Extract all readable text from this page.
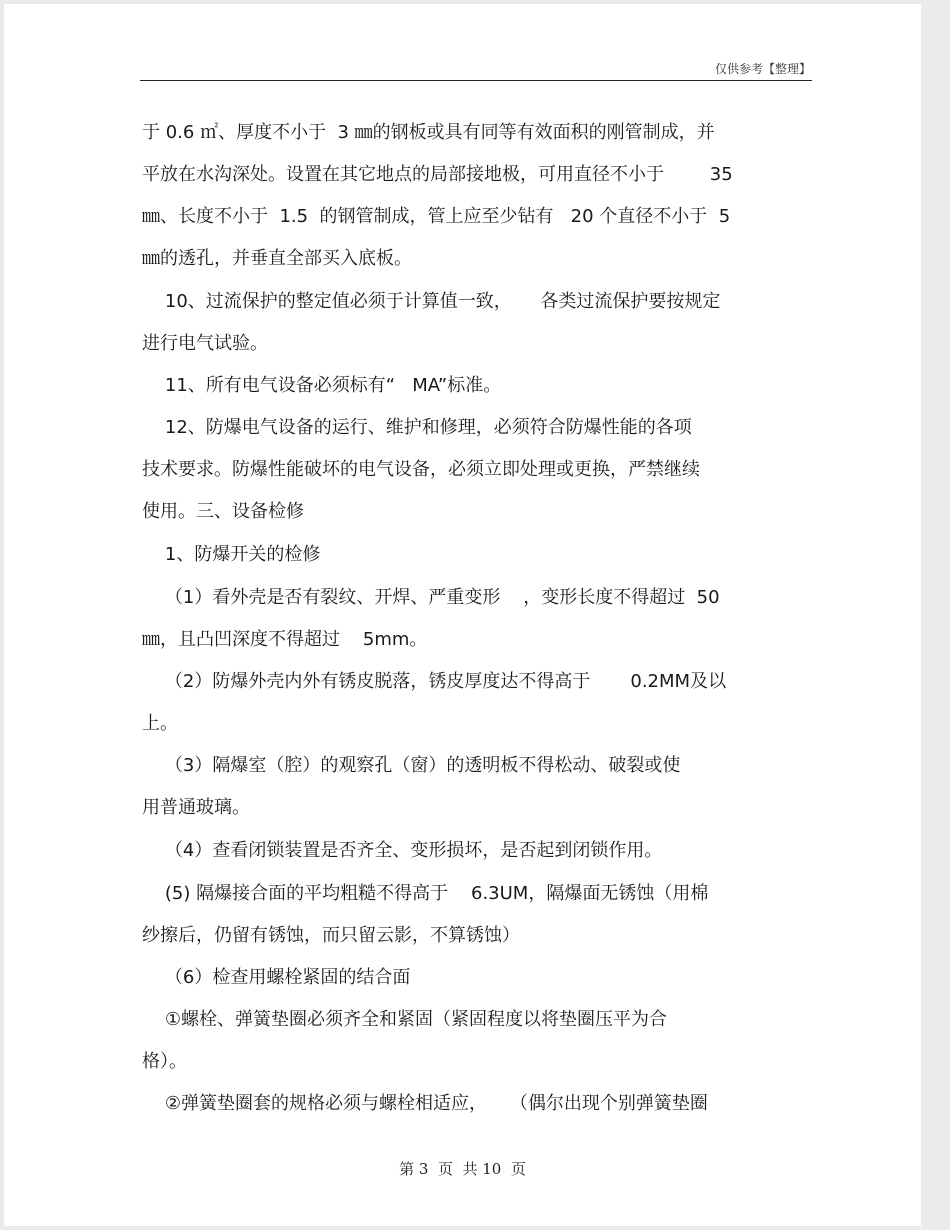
仅供参考【整理】
于 0.6 ㎡、厚度不小于  3 ㎜的钢板或具有同等有效面积的刚管制成，并
平放在水沟深处。设置在其它地点的局部接地极，可用直径不小于        35
㎜、长度不小于  1.5  的钢管制成，管上应至少钻有   20 个直径不小于  5
㎜的透孔，并垂直全部买入底板。
10、过流保护的整定值必须于计算值一致，     各类过流保护要按规定
进行电气试验。
11、所有电气设备必须标有“   MA”标准。
12、防爆电气设备的运行、维护和修理，必须符合防爆性能的各项
技术要求。防爆性能破坏的电气设备，必须立即处理或更换，严禁继续
使用。三、设备检修
1、防爆开关的检修
（1）看外壳是否有裂纹、开焊、严重变形    ，变形长度不得超过  50
㎜，且凸凹深度不得超过    5mm。
（2）防爆外壳内外有锈皮脱落，锈皮厚度达不得高于       0.2MM及以
上。
（3）隔爆室（腔）的观察孔（窗）的透明板不得松动、破裂或使
用普通玻璃。
（4）查看闭锁装置是否齐全、变形损坏，是否起到闭锁作用。
(5) 隔爆接合面的平均粗糙不得高于    6.3UM，隔爆面无锈蚀（用棉
纱擦后，仍留有锈蚀，而只留云影，不算锈蚀）
（6）检查用螺栓紧固的结合面
①螺栓、弹簧垫圈必须齐全和紧固（紧固程度以将垫圈压平为合
格）。
②弹簧垫圈套的规格必须与螺栓相适应，    （偶尔出现个别弹簧垫圈
第 3  页  共 10  页
